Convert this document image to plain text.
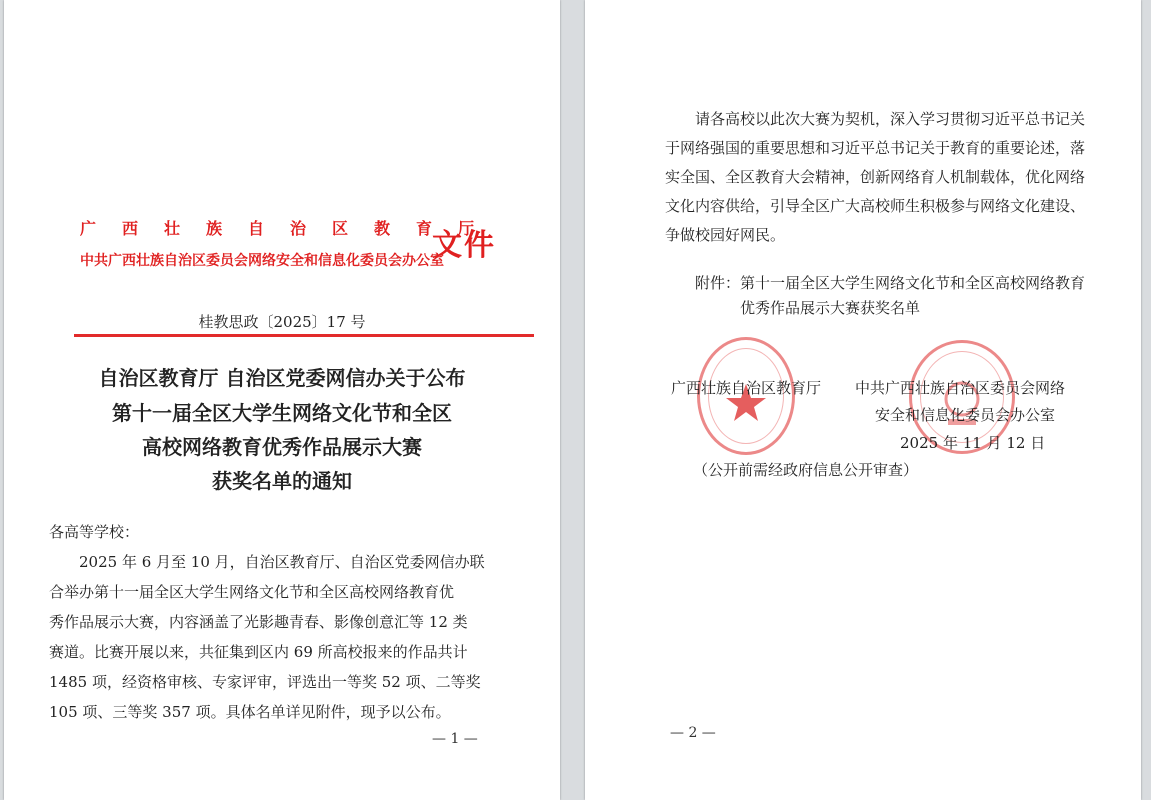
广西壮族自治区教育厅
中共广西壮族自治区委员会网络安全和信息化委员会办公室
文件
桂教思政〔2025〕17 号
自治区教育厅 自治区党委网信办关于公布
第十一届全区大学生网络文化节和全区
高校网络教育优秀作品展示大赛
获奖名单的通知
各高等学校：
2025 年 6 月至 10 月，自治区教育厅、自治区党委网信办联
合举办第十一届全区大学生网络文化节和全区高校网络教育优
秀作品展示大赛，内容涵盖了光影趣青春、影像创意汇等 12 类
赛道。比赛开展以来，共征集到区内 69 所高校报来的作品共计
1485 项，经资格审核、专家评审，评选出一等奖 52 项、二等奖
105 项、三等奖 357 项。具体名单详见附件，现予以公布。
— 1 —
请各高校以此次大赛为契机，深入学习贯彻习近平总书记关
于网络强国的重要思想和习近平总书记关于教育的重要论述，落
实全国、全区教育大会精神，创新网络育人机制载体，优化网络
文化内容供给，引导全区广大高校师生积极参与网络文化建设、
争做校园好网民。
附件：第十一届全区大学生网络文化节和全区高校网络教育
优秀作品展示大赛获奖名单
广西壮族自治区教育厅 中共广西壮族自治区委员会网络
安全和信息化委员会办公室
2025 年 11 月 12 日
（公开前需经政府信息公开审查）
— 2 —
